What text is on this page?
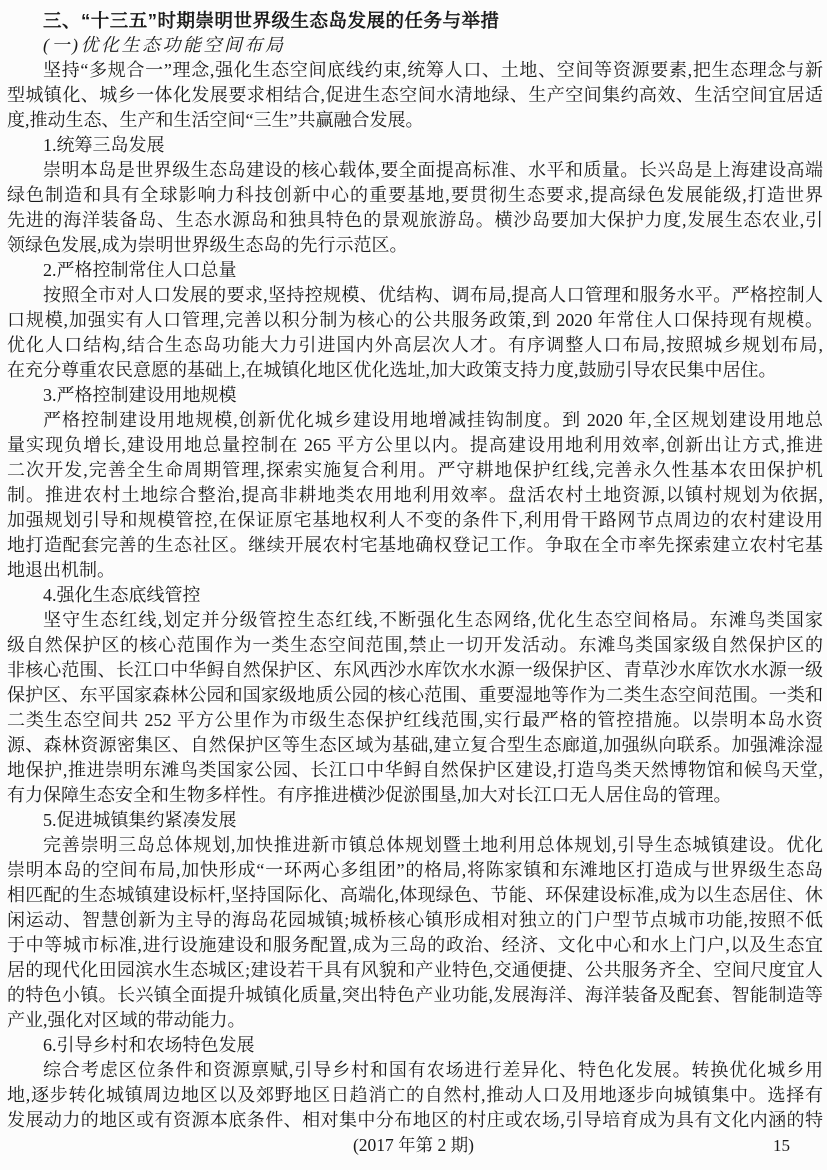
三、“十三五”时期崇明世界级生态岛发展的任务与举措
(一)优化生态功能空间布局
坚持“多规合一”理念,强化生态空间底线约束,统筹人口、土地、空间等资源要素,把生态理念与新
型城镇化、城乡一体化发展要求相结合,促进生态空间水清地绿、生产空间集约高效、生活空间宜居适
度,推动生态、生产和生活空间“三生”共赢融合发展。
1.统筹三岛发展
崇明本岛是世界级生态岛建设的核心载体,要全面提高标准、水平和质量。长兴岛是上海建设高端
绿色制造和具有全球影响力科技创新中心的重要基地,要贯彻生态要求,提高绿色发展能级,打造世界
先进的海洋装备岛、生态水源岛和独具特色的景观旅游岛。横沙岛要加大保护力度,发展生态农业,引
领绿色发展,成为崇明世界级生态岛的先行示范区。
2.严格控制常住人口总量
按照全市对人口发展的要求,坚持控规模、优结构、调布局,提高人口管理和服务水平。严格控制人
口规模,加强实有人口管理,完善以积分制为核心的公共服务政策,到 2020 年常住人口保持现有规模。
优化人口结构,结合生态岛功能大力引进国内外高层次人才。有序调整人口布局,按照城乡规划布局,
在充分尊重农民意愿的基础上,在城镇化地区优化选址,加大政策支持力度,鼓励引导农民集中居住。
3.严格控制建设用地规模
严格控制建设用地规模,创新优化城乡建设用地增减挂钩制度。到 2020 年,全区规划建设用地总
量实现负增长,建设用地总量控制在 265 平方公里以内。提高建设用地利用效率,创新出让方式,推进
二次开发,完善全生命周期管理,探索实施复合利用。严守耕地保护红线,完善永久性基本农田保护机
制。推进农村土地综合整治,提高非耕地类农用地利用效率。盘活农村土地资源,以镇村规划为依据,
加强规划引导和规模管控,在保证原宅基地权利人不变的条件下,利用骨干路网节点周边的农村建设用
地打造配套完善的生态社区。继续开展农村宅基地确权登记工作。争取在全市率先探索建立农村宅基
地退出机制。
4.强化生态底线管控
坚守生态红线,划定并分级管控生态红线,不断强化生态网络,优化生态空间格局。东滩鸟类国家
级自然保护区的核心范围作为一类生态空间范围,禁止一切开发活动。东滩鸟类国家级自然保护区的
非核心范围、长江口中华鲟自然保护区、东风西沙水库饮水水源一级保护区、青草沙水库饮水水源一级
保护区、东平国家森林公园和国家级地质公园的核心范围、重要湿地等作为二类生态空间范围。一类和
二类生态空间共 252 平方公里作为市级生态保护红线范围,实行最严格的管控措施。以崇明本岛水资
源、森林资源密集区、自然保护区等生态区域为基础,建立复合型生态廊道,加强纵向联系。加强滩涂湿
地保护,推进崇明东滩鸟类国家公园、长江口中华鲟自然保护区建设,打造鸟类天然博物馆和候鸟天堂,
有力保障生态安全和生物多样性。有序推进横沙促淤围垦,加大对长江口无人居住岛的管理。
5.促进城镇集约紧凑发展
完善崇明三岛总体规划,加快推进新市镇总体规划暨土地利用总体规划,引导生态城镇建设。优化
崇明本岛的空间布局,加快形成“一环两心多组团”的格局,将陈家镇和东滩地区打造成与世界级生态岛
相匹配的生态城镇建设标杆,坚持国际化、高端化,体现绿色、节能、环保建设标准,成为以生态居住、休
闲运动、智慧创新为主导的海岛花园城镇;城桥核心镇形成相对独立的门户型节点城市功能,按照不低
于中等城市标准,进行设施建设和服务配置,成为三岛的政治、经济、文化中心和水上门户,以及生态宜
居的现代化田园滨水生态城区;建设若干具有风貌和产业特色,交通便捷、公共服务齐全、空间尺度宜人
的特色小镇。长兴镇全面提升城镇化质量,突出特色产业功能,发展海洋、海洋装备及配套、智能制造等
产业,强化对区域的带动能力。
6.引导乡村和农场特色发展
综合考虑区位条件和资源禀赋,引导乡村和国有农场进行差异化、特色化发展。转换优化城乡用
地,逐步转化城镇周边地区以及郊野地区日趋消亡的自然村,推动人口及用地逐步向城镇集中。选择有
发展动力的地区或有资源本底条件、相对集中分布地区的村庄或农场,引导培育成为具有文化内涵的特
(2017 年第 2 期)	15
